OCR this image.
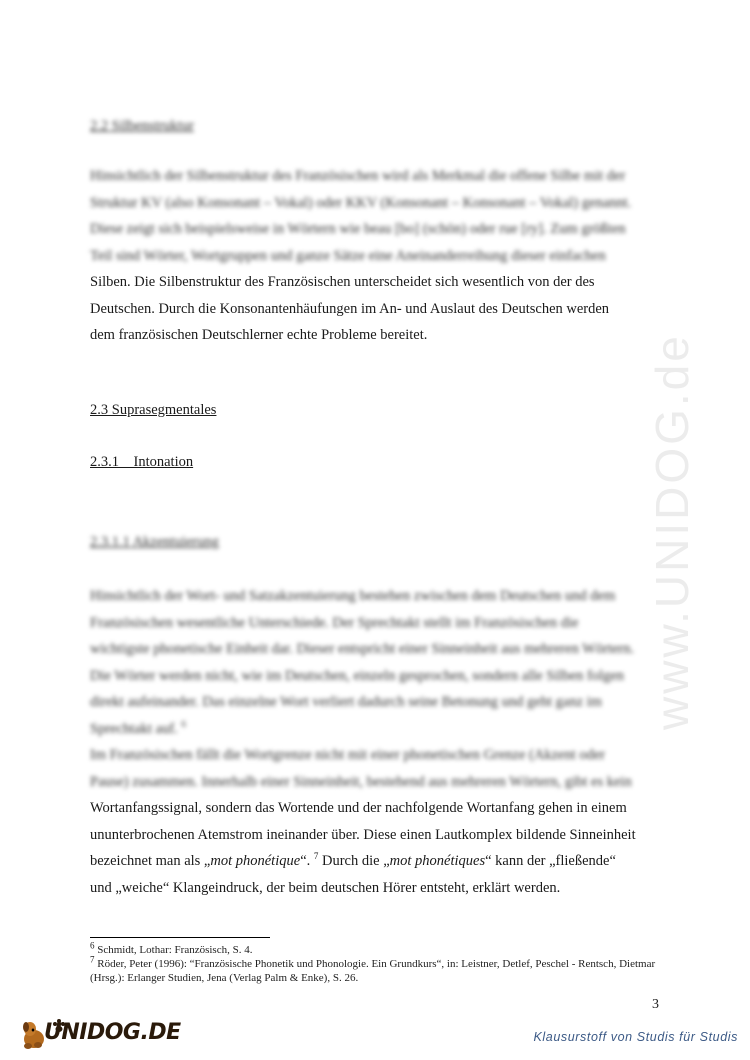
www.UNIDOG.de
2.2 Silbenstruktur
Hinsichtlich der Silbenstruktur des Französischen wird als Merkmal die offene Silbe mit der
Struktur KV (also Konsonant – Vokal) oder KKV (Konsonant – Konsonant – Vokal) genannt.
Diese zeigt sich beispielsweise in Wörtern wie beau [bo] (schön) oder rue [ry]. Zum größten
Teil sind Wörter, Wortgruppen und ganze Sätze eine Aneinanderreihung dieser einfachen
Silben. Die Silbenstruktur des Französischen unterscheidet sich wesentlich von der des
Deutschen. Durch die Konsonantenhäufungen im An- und Auslaut des Deutschen werden
dem französischen Deutschlerner echte Probleme bereitet.
2.3 Suprasegmentales
2.3.1    Intonation
2.3.1.1 Akzentuierung
Hinsichtlich der Wort- und Satzakzentuierung bestehen zwischen dem Deutschen und dem
Französischen wesentliche Unterschiede. Der Sprechtakt stellt im Französischen die
wichtigste phonetische Einheit dar. Dieser entspricht einer Sinneinheit aus mehreren Wörtern.
Die Wörter werden nicht, wie im Deutschen, einzeln gesprochen, sondern alle Silben folgen
direkt aufeinander. Das einzelne Wort verliert dadurch seine Betonung und geht ganz im
Sprechtakt auf. $^6$
Im Französischen fällt die Wortgrenze nicht mit einer phonetischen Grenze (Akzent oder
Pause) zusammen. Innerhalb einer Sinneinheit, bestehend aus mehreren Wörtern, gibt es kein
Wortanfangssignal, sondern das Wortende und der nachfolgende Wortanfang gehen in einem
ununterbrochenen Atemstrom ineinander über. Diese einen Lautkomplex bildende Sinneinheit
bezeichnet man als „mot phonétique“. $^7$ Durch die „mot phonétiques“ kann der „fließende“
und „weiche“ Klangeindruck, der beim deutschen Hörer entsteht, erklärt werden.
$^6$ Schmidt, Lothar: Französisch, S. 4.
$^7$ Röder, Peter (1996): “Französische Phonetik und Phonologie. Ein Grundkurs“, in: Leistner, Detlef, Peschel - Rentsch, Dietmar (Hrsg.): Erlanger Studien, Jena (Verlag Palm & Enke), S. 26.
3
UNIDOG.DE	Klausurstoff von Studis für Studis
